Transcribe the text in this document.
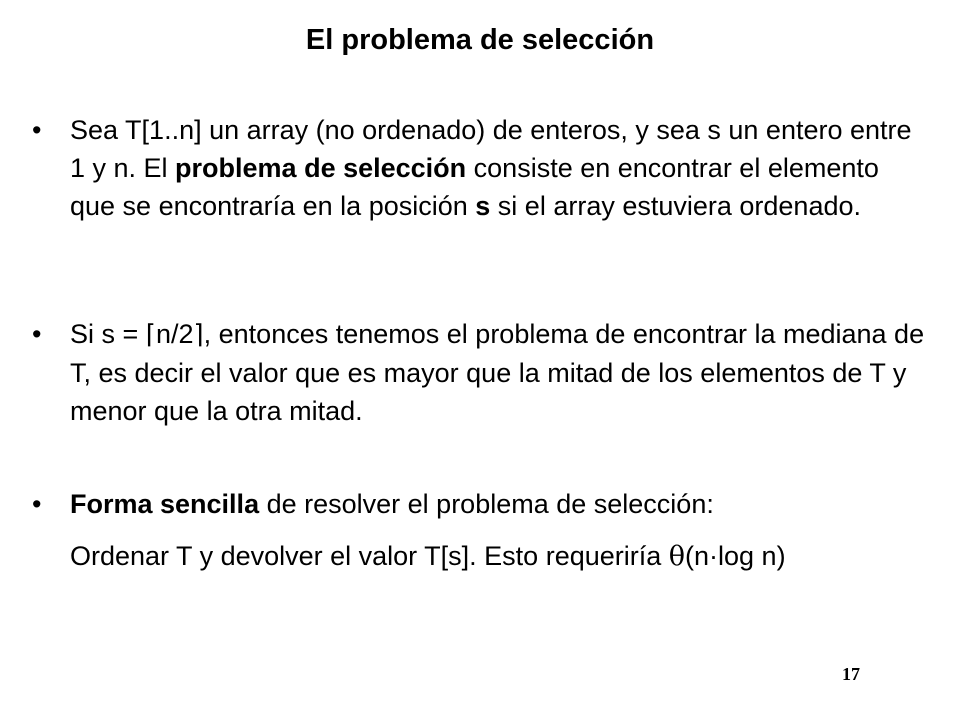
El problema de selección
•	Sea T[1..n] un array (no ordenado) de enteros, y sea s un entero entre 1 y n. El problema de selección consiste en encontrar el elemento que se encontraría en la posición s si el array estuviera ordenado.
•	Si s = ⌈n/2⌉, entonces tenemos el problema de encontrar la mediana de T, es decir el valor que es mayor que la mitad de los elementos de T y menor que la otra mitad.
•	Forma sencilla de resolver el problema de selección:
Ordenar T y devolver el valor T[s]. Esto requeriría θ(n·log n)
17
